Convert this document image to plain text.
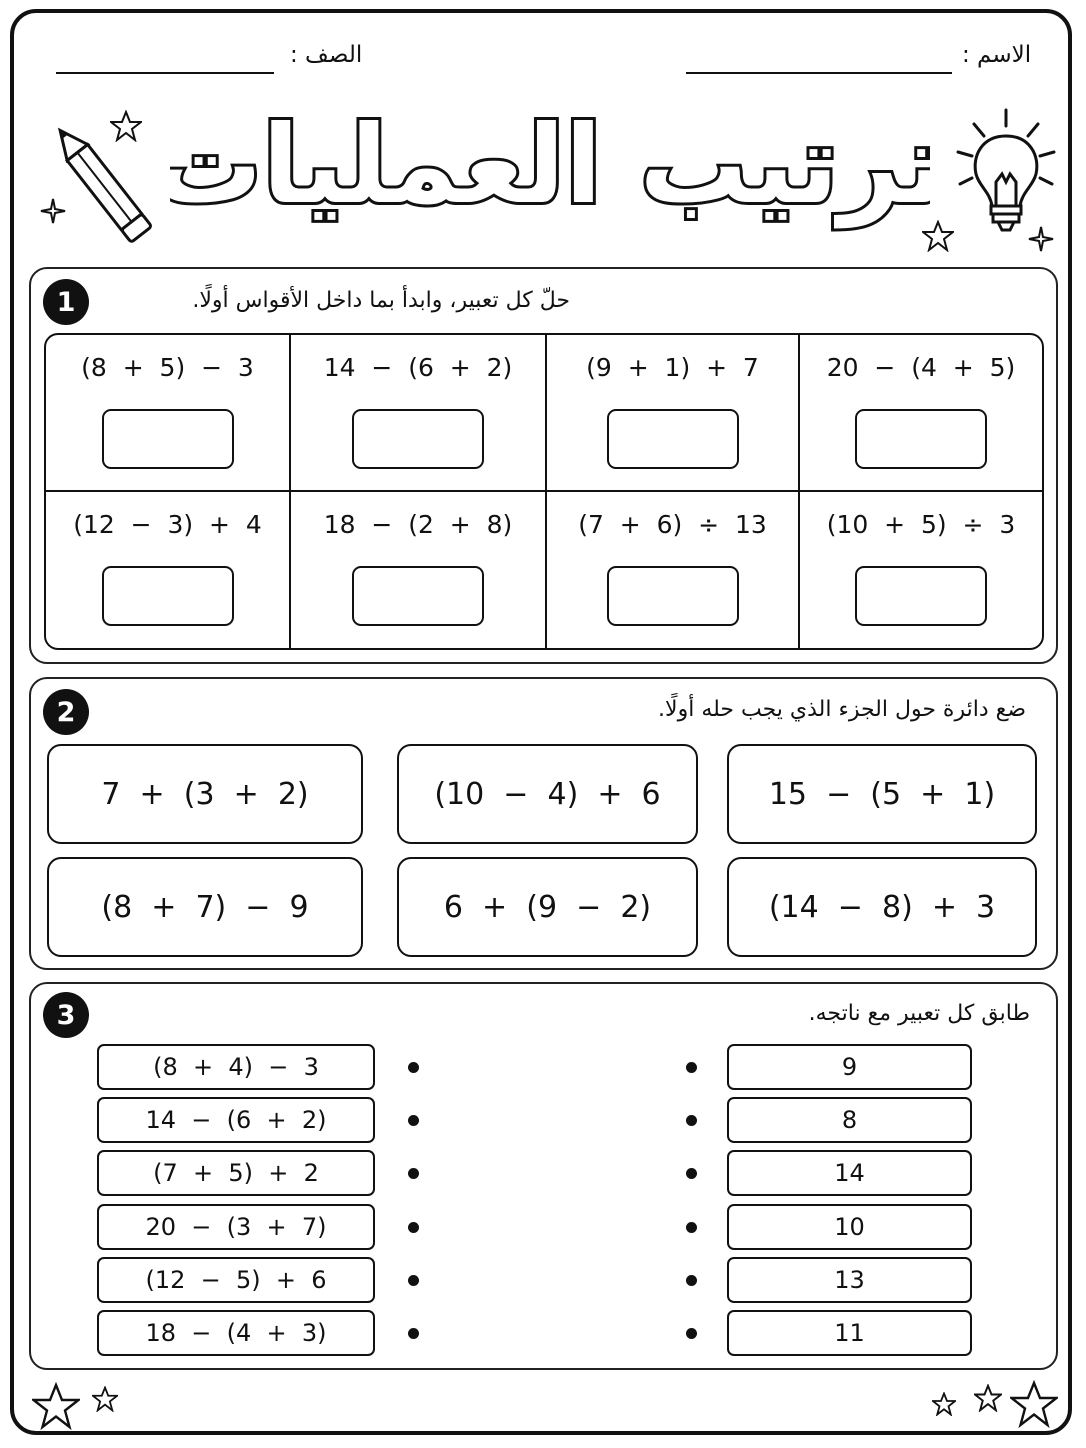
الاسم :
الصف :
ترتيب العمليات
1	حلّ كل تعبير، وابدأ بما داخل الأقواس أولًا.
(8  +  5)  −  3	14  −  (6  +  2)	(9  +  1)  +  7	20  −  (4  +  5)
(12  −  3)  +  4	18  −  (2  +  8)	(7  +  6)  ÷  13	(10  +  5)  ÷  3
2	ضع دائرة حول الجزء الذي يجب حله أولًا.
15  −  (5  +  1)
(10  −  4)  +  6
7  +  (3  +  2)
(14  −  8)  +  3
6  +  (9  −  2)
(8  +  7)  −  9
3	طابق كل تعبير مع ناتجه.
(8  +  4)  −  3	9
14  −  (6  +  2)	8
(7  +  5)  +  2	14
20  −  (3  +  7)	10
(12  −  5)  +  6	13
18  −  (4  +  3)	11
